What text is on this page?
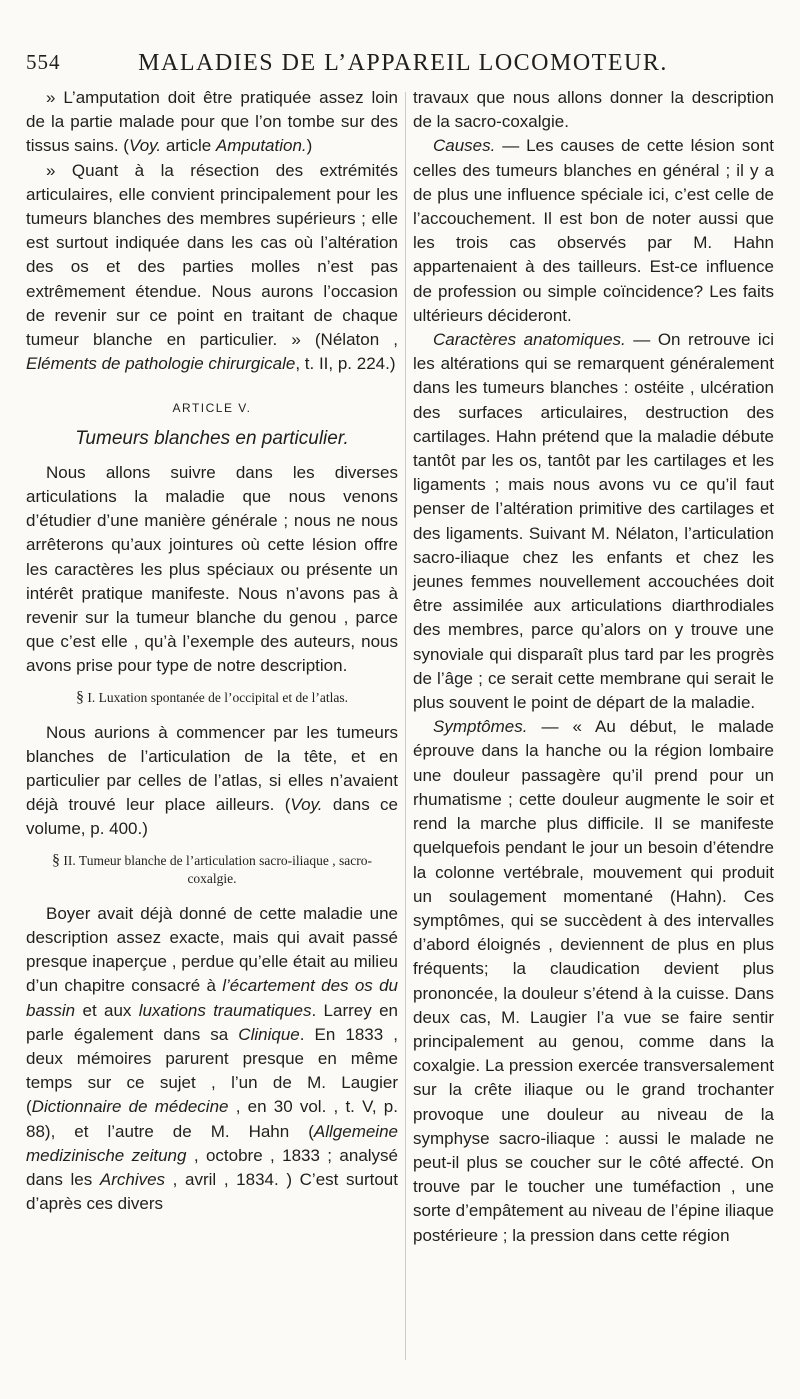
554	MALADIES DE L’APPAREIL LOCOMOTEUR.

» L’amputation doit être pratiquée assez loin de la partie malade pour que l’on tombe sur des tissus sains. (Voy. article Amputation.)

» Quant à la résection des extrémités articulaires, elle convient principalement pour les tumeurs blanches des membres supérieurs ; elle est surtout indiquée dans les cas où l’altération des os et des parties molles n’est pas extrêmement étendue. Nous aurons l’occasion de revenir sur ce point en traitant de chaque tumeur blanche en particulier. » (Nélaton , Eléments de pathologie chirurgicale, t. II, p. 224.)

ARTICLE V.
Tumeurs blanches en particulier.

Nous allons suivre dans les diverses articulations la maladie que nous venons d’étudier d’une manière générale ; nous ne nous arrêterons qu’aux jointures où cette lésion offre les caractères les plus spéciaux ou présente un intérêt pratique manifeste. Nous n’avons pas à revenir sur la tumeur blanche du genou , parce que c’est elle , qu’à l’exemple des auteurs, nous avons prise pour type de notre description.

§ I. Luxation spontanée de l’occipital et de l’atlas.

Nous aurions à commencer par les tumeurs blanches de l’articulation de la tête, et en particulier par celles de l’atlas, si elles n’avaient déjà trouvé leur place ailleurs. (Voy. dans ce volume, p. 400.)

§ II. Tumeur blanche de l’articulation sacro-iliaque , sacro-coxalgie.

Boyer avait déjà donné de cette maladie une description assez exacte, mais qui avait passé presque inaperçue , perdue qu’elle était au milieu d’un chapitre consacré à l’écartement des os du bassin et aux luxations traumatiques. Larrey en parle également dans sa Clinique. En 1833 , deux mémoires parurent presque en même temps sur ce sujet , l’un de M. Laugier (Dictionnaire de médecine , en 30 vol. , t. V, p. 88), et l’autre de M. Hahn (Allgemeine medizinische zeitung , octobre , 1833 ; analysé dans les Archives , avril , 1834. ) C’est surtout d’après ces divers

travaux que nous allons donner la description de la sacro-coxalgie.

Causes. — Les causes de cette lésion sont celles des tumeurs blanches en général ; il y a de plus une influence spéciale ici, c’est celle de l’accouchement. Il est bon de noter aussi que les trois cas observés par M. Hahn appartenaient à des tailleurs. Est-ce influence de profession ou simple coïncidence? Les faits ultérieurs décideront.

Caractères anatomiques. — On retrouve ici les altérations qui se remarquent généralement dans les tumeurs blanches : ostéite , ulcération des surfaces articulaires, destruction des cartilages. Hahn prétend que la maladie débute tantôt par les os, tantôt par les cartilages et les ligaments ; mais nous avons vu ce qu’il faut penser de l’altération primitive des cartilages et des ligaments. Suivant M. Nélaton, l’articulation sacro-iliaque chez les enfants et chez les jeunes femmes nouvellement accouchées doit être assimilée aux articulations diarthrodiales des membres, parce qu’alors on y trouve une synoviale qui disparaît plus tard par les progrès de l’âge ; ce serait cette membrane qui serait le plus souvent le point de départ de la maladie.

Symptômes. — « Au début, le malade éprouve dans la hanche ou la région lombaire une douleur passagère qu’il prend pour un rhumatisme ; cette douleur augmente le soir et rend la marche plus difficile. Il se manifeste quelquefois pendant le jour un besoin d’étendre la colonne vertébrale, mouvement qui produit un soulagement momentané (Hahn). Ces symptômes, qui se succèdent à des intervalles d’abord éloignés , deviennent de plus en plus fréquents; la claudication devient plus prononcée, la douleur s’étend à la cuisse. Dans deux cas, M. Laugier l’a vue se faire sentir principalement au genou, comme dans la coxalgie. La pression exercée transversalement sur la crête iliaque ou le grand trochanter provoque une douleur au niveau de la symphyse sacro-iliaque : aussi le malade ne peut-il plus se coucher sur le côté affecté. On trouve par le toucher une tuméfaction , une sorte d’empâtement au niveau de l’épine iliaque postérieure ; la pression dans cette région
